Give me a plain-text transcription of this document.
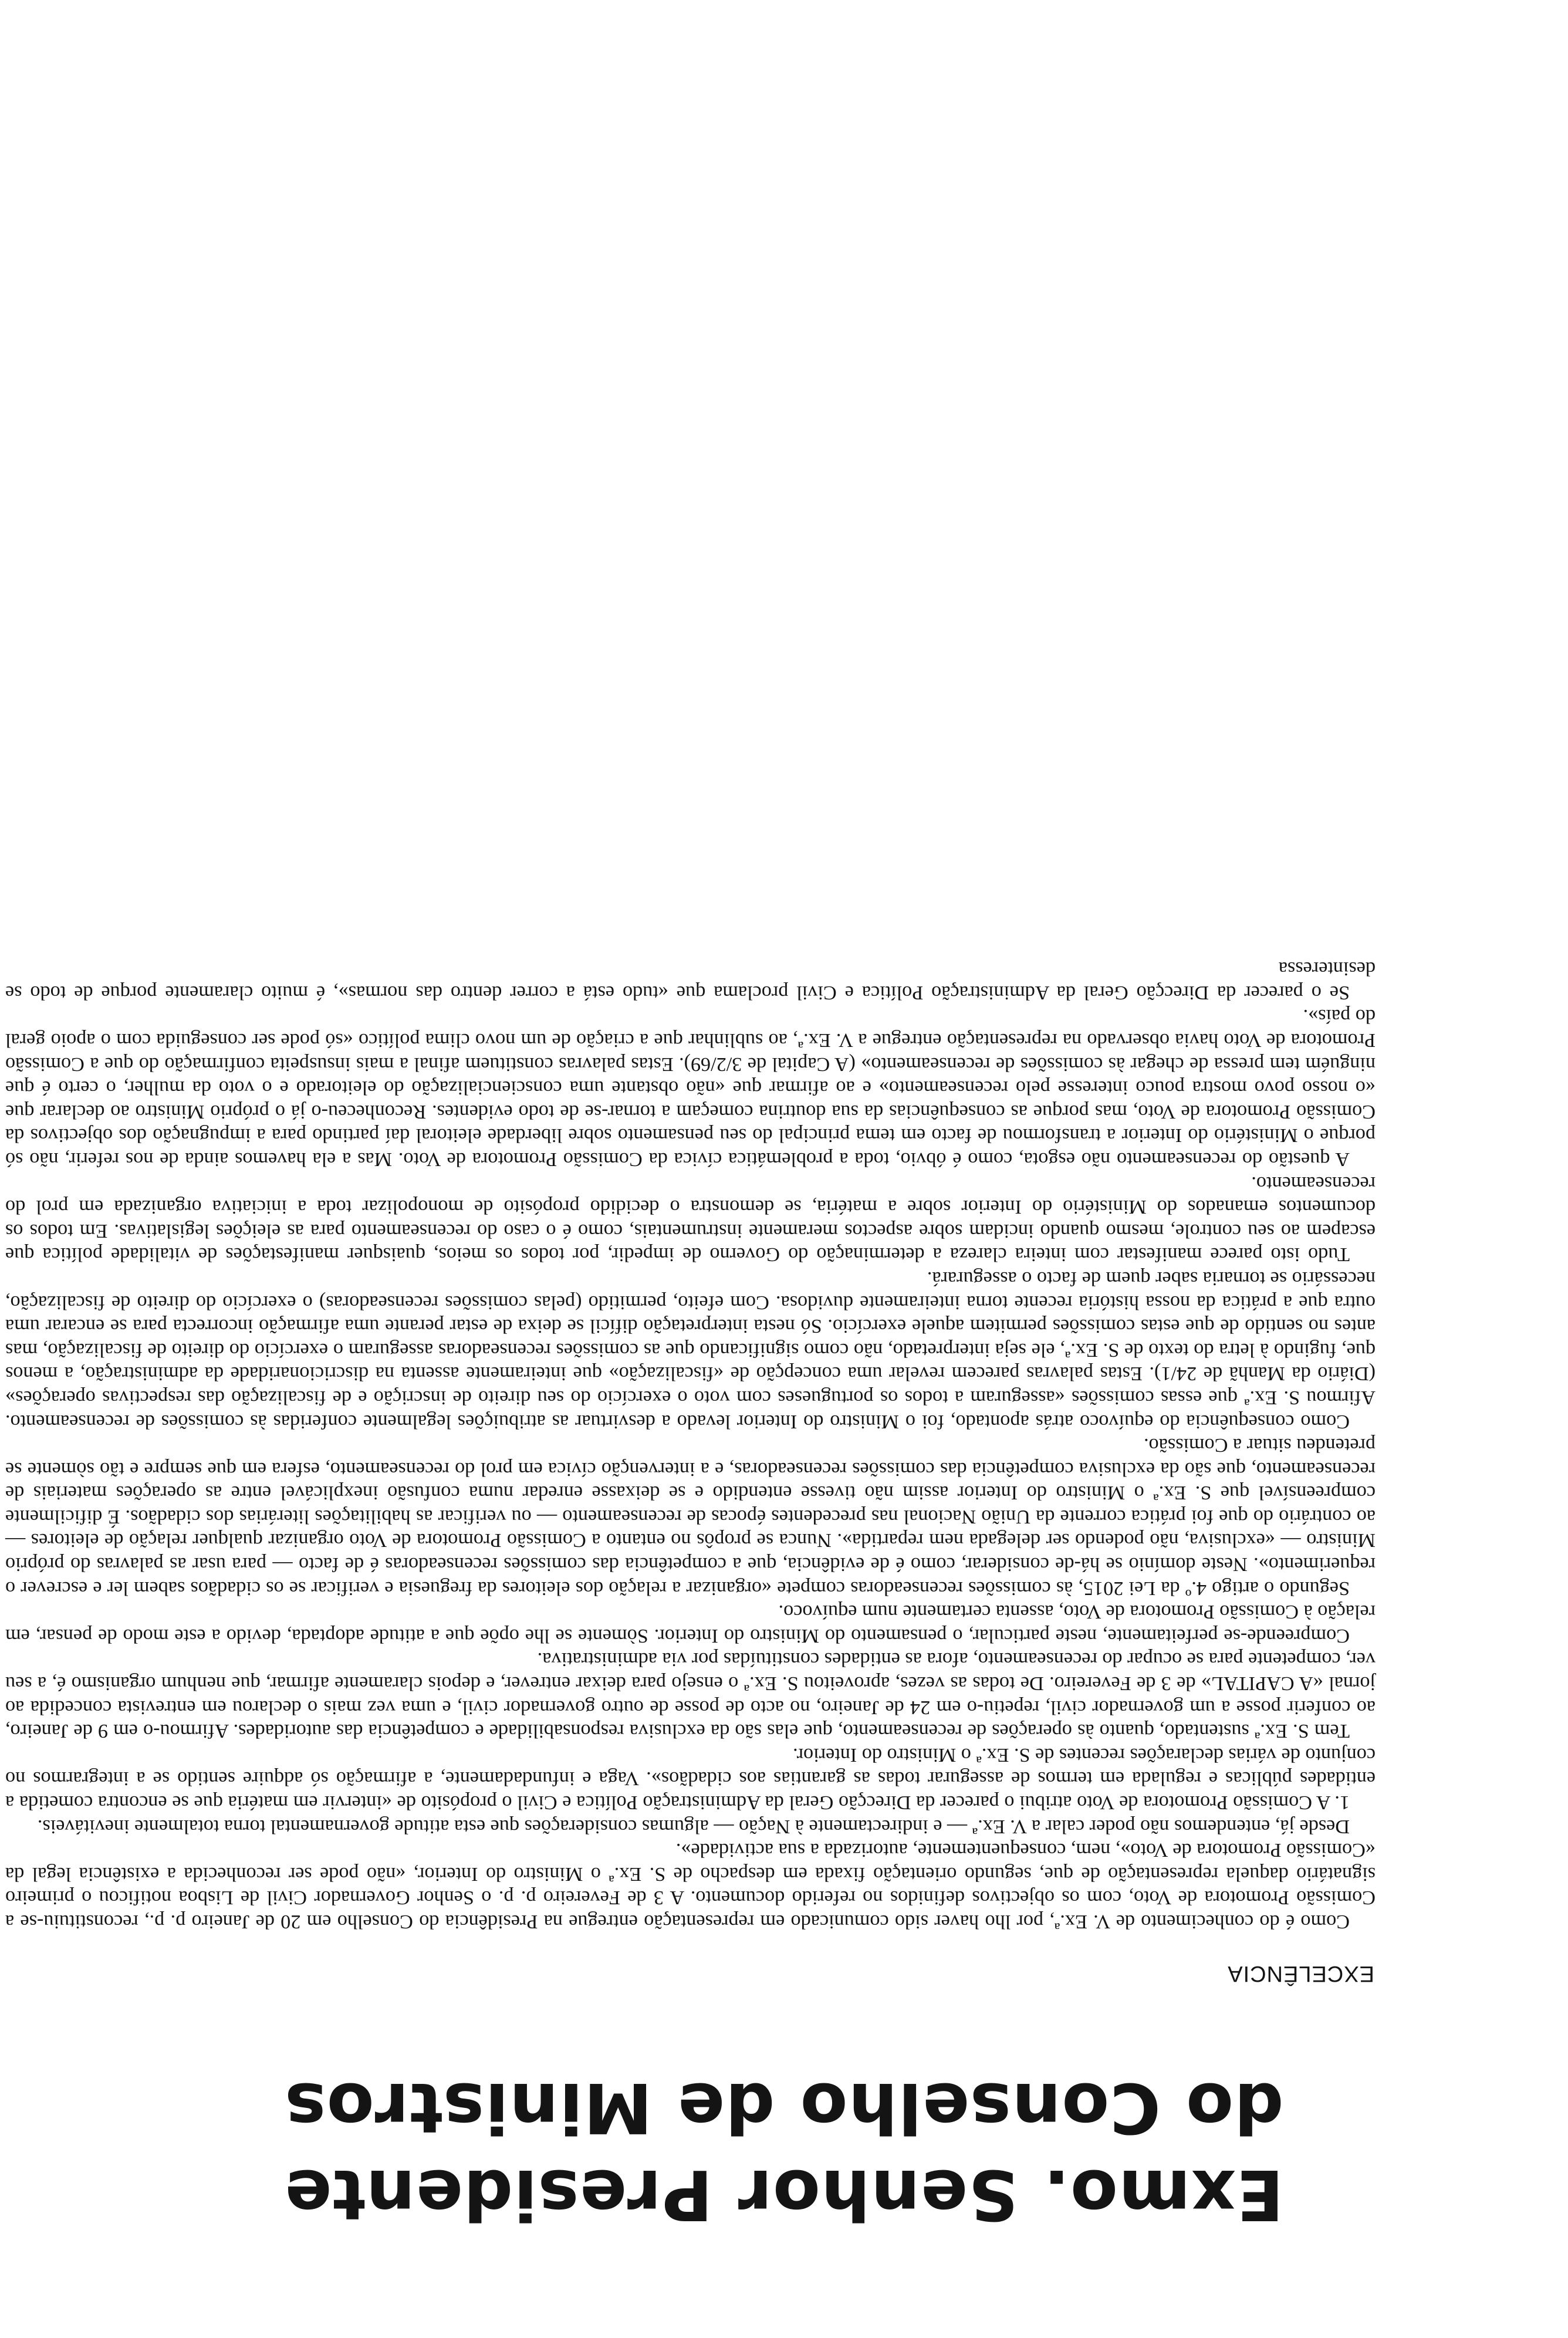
Exmo. Senhor Presidente
do Conselho de Ministros
EXCELÊNCIA

Como é do conhecimento de V. Ex.ª, por lho haver sido comunicado em representação entregue na Presidência do Conselho em 20 de Janeiro p. p., reconstituiu-se a Comissão Promotora de Voto, com os objectivos definidos no referido documento. A 3 de Fevereiro p. p. o Senhor Governador Civil de Lisboa notificou o primeiro signatário daquela representação de que, segundo orientação fixada em despacho de S. Ex.ª o Ministro do Interior, «não pode ser reconhecida a existência legal da «Comissão Promotora de Voto», nem, consequentemente, autorizada a sua actividade».

Desde já, entendemos não poder calar a V. Ex.ª — e indirectamente à Nação — algumas considerações que esta atitude governamental torna totalmente inevitáveis.

1. A Comissão Promotora de Voto atribui o parecer da Direcção Geral da Administração Política e Civil o propósito de «intervir em matéria que se encontra cometida a entidades públicas e regulada em termos de assegurar todas as garantias aos cidadãos». Vaga e infundadamente, a afirmação só adquire sentido se a integrarmos no conjunto de várias declarações recentes de S. Ex.ª o Ministro do Interior.

Tem S. Ex.ª sustentado, quanto às operações de recenseamento, que elas são da exclusiva responsabilidade e competência das autoridades. Afirmou-o em 9 de Janeiro, ao conferir posse a um governador civil, repetiu-o em 24 de Janeiro, no acto de posse de outro governador civil, e uma vez mais o declarou em entrevista concedida ao jornal «A CAPITAL» de 3 de Fevereiro. De todas as vezes, aproveitou S. Ex.ª o ensejo para deixar entrever, e depois claramente afirmar, que nenhum organismo é, a seu ver, competente para se ocupar do recenseamento, afora as entidades constituídas por via administrativa.

Compreende-se perfeitamente, neste particular, o pensamento do Ministro do Interior. Sòmente se lhe opõe que a atitude adoptada, devido a este modo de pensar, em relação à Comissão Promotora de Voto, assenta certamente num equívoco.

Segundo o artigo 4.º da Lei 2015, às comissões recenseadoras compete «organizar a relação dos eleitores da freguesia e verificar se os cidadãos sabem ler e escrever o requerimento». Neste domínio se há-de considerar, como é de evidência, que a competência das comissões recenseadoras é de facto — para usar as palavras do próprio Ministro — «exclusiva, não podendo ser delegada nem repartida». Nunca se propôs no entanto a Comissão Promotora de Voto organizar qualquer relação de eleitores — ao contrário do que foi prática corrente da União Nacional nas precedentes épocas de recenseamento — ou verificar as habilitações literárias dos cidadãos. É dificilmente compreensível que S. Ex.ª o Ministro do Interior assim não tivesse entendido e se deixasse enredar numa confusão inexplicável entre as operações materiais de recenseamento, que são da exclusiva competência das comissões recenseadoras, e a intervenção cívica em prol do recenseamento, esfera em que sempre e tão sòmente se pretendeu situar a Comissão.

Como consequência do equívoco atrás apontado, foi o Ministro do Interior levado a desvirtuar as atribuições legalmente conferidas às comissões de recenseamento. Afirmou S. Ex.ª que essas comissões «asseguram a todos os portugueses com voto o exercício do seu direito de inscrição e de fiscalização das respectivas operações» (Diário da Manhã de 24/1). Estas palavras parecem revelar uma concepção de «fiscalização» que inteiramente assenta na discricionaridade da administração, a menos que, fugindo à letra do texto de S. Ex.ª, ele seja interpretado, não como significando que as comissões recenseadoras asseguram o exercício do direito de fiscalização, mas antes no sentido de que estas comissões permitem aquele exercício. Só nesta interpretação difícil se deixa de estar perante uma afirmação incorrecta para se encarar uma outra que a prática da nossa história recente torna inteiramente duvidosa. Com efeito, permitido (pelas comissões recenseadoras) o exercício do direito de fiscalização, necessário se tornaria saber quem de facto o assegurará.

Tudo isto parece manifestar com inteira clareza a determinação do Governo de impedir, por todos os meios, quaisquer manifestações de vitalidade política que escapem ao seu controle, mesmo quando incidam sobre aspectos meramente instrumentais, como é o caso do recenseamento para as eleições legislativas. Em todos os documentos emanados do Ministério do Interior sobre a matéria, se demonstra o decidido propósito de monopolizar toda a iniciativa organizada em prol do recenseamento.

A questão do recenseamento não esgota, como é óbvio, toda a problemática cívica da Comissão Promotora de Voto. Mas a ela havemos ainda de nos referir, não só porque o Ministério do Interior a transformou de facto em tema principal do seu pensamento sobre liberdade eleitoral daí partindo para a impugnação dos objectivos da Comissão Promotora de Voto, mas porque as consequências da sua doutrina começam a tornar-se de todo evidentes. Reconheceu-o já o próprio Ministro ao declarar que «o nosso povo mostra pouco interesse pelo recenseamento» e ao afirmar que «não obstante uma consciencialização do eleitorado e o voto da mulher, o certo é que ninguém tem pressa de chegar às comissões de recenseamento» (A Capital de 3/2/69). Estas palavras constituem afinal a mais insuspeita confirmação do que a Comissão Promotora de Voto havia observado na representação entregue a V. Ex.ª, ao sublinhar que a criação de um novo clima político «só pode ser conseguida com o apoio geral do país».

Se o parecer da Direcção Geral da Administração Política e Civil proclama que «tudo está a correr dentro das normas», é muito claramente porque de todo se desinteressa
